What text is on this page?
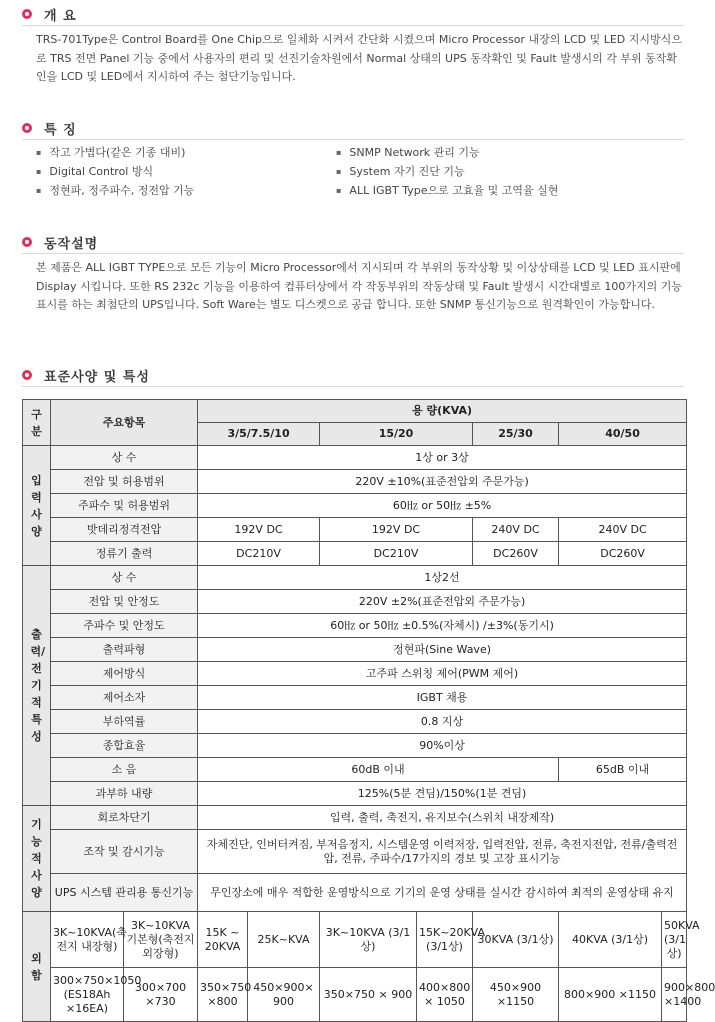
개 요
TRS-701Type은 Control Board를 One Chip으로 일체화 시켜서 간단화 시켰으며 Micro Processor 내장의 LCD 및 LED 지시방식으로 TRS 전면 Panel 기능 중에서 사용자의 편리 및 선진기술차원에서 Normal 상태의 UPS 동작확인 및 Fault 발생시의 각 부위 동작확인을 LCD 및 LED에서 지시하여 주는 첨단기능입니다.
특 징
▪ 작고 가볍다(같은 기종 대비)
▪ Digital Control 방식
▪ 정현파, 정주파수, 정전압 기능
▪ SNMP Network 관리 기능
▪ System 자기 진단 기능
▪ ALL IGBT Type으로 고효율 및 고역율 실현
동작설명
본 제품은 ALL IGBT TYPE으로 모든 기능이 Micro Processor에서 지시되며 각 부위의 동작상황 및 이상상태를 LCD 및 LED 표시판에 Display 시킵니다. 또한 RS 232c 기능을 이용하여 컴퓨터상에서 각 작동부위의 작동상태 및 Fault 발생시 시간대별로 100가지의 기능표시를 하는 최첨단의 UPS입니다. Soft Ware는 별도 디스켓으로 공급 합니다. 또한 SNMP 통신기능으로 원격확인이 가능합니다.
표준사양 및 특성
구분	주요항목		용 량(KVA)						
			3/5/7.5/10		15/20		25/30	40/50	
입력사양	상 수		1상 or 3상						
	전압 및 허용범위		220V ±10%(표준전압외 주문가능)						
	주파수 및 허용범위		60㎐ or 50㎐ ±5%						
	밧데리정격전압		192V DC		192V DC		240V DC	240V DC	
	정류기 출력		DC210V		DC210V		DC260V	DC260V	
출력/전기적특성	상 수		1상2선						
	전압 및 안정도		220V ±2%(표준전압외 주문가능)						
	주파수 및 안정도		60㎐ or 50㎐ ±0.5%(자체시) /±3%(동기시)						
	출력파형		정현파(Sine Wave)						
	제어방식		고주파 스위칭 제어(PWM 제어)						
	제어소자		IGBT 채용						
	부하역률		0.8 지상						
	종합효율		90%이상						
	소 음		60dB 이내					65dB 이내	
	과부하 내량		125%(5분 견딤)/150%(1분 견딤)						
기능적사양	회로차단기		입력, 출력, 축전지, 유지보수(스위치 내장제작)						
	조작 및 감시기능		자체진단, 인버터켜짐, 부저음정지, 시스템운영 이력저장, 입력전압, 전류, 축전지전압, 전류/출력전압, 전류, 주파수/17가지의 경보 및 고장 표시기능						
	UPS 시스템 관리용 통신기능		무인장소에 매우 적합한 운영방식으로 기기의 운영 상태를 실시간 감시하여 최적의 운영상태 유지						
외함	3K~10KVA(축전지 내장형)	3K~10KVA기본형(축전지 외장형)	15K ~ 20KVA	25K~KVA	3K~10KVA (3/1상)	15K~20KVA (3/1상)	30KVA (3/1상)	40KVA (3/1상)	50KVA (3/1상)
	300×750×1050 (ES18Ah ×16EA)	300×700 ×730	350×750 ×800	450×900× 900	350×750 × 900	400×800 × 1050	450×900 ×1150	800×900 ×1150	900×800 ×1400
